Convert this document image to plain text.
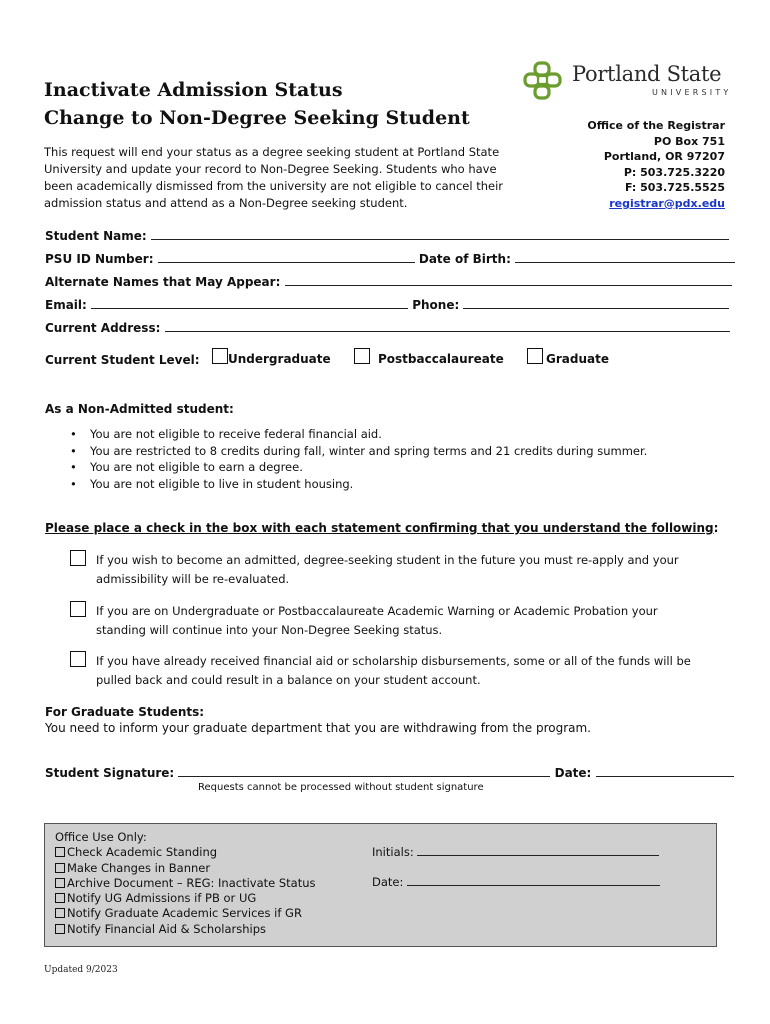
Inactivate Admission Status
Change to Non-Degree Seeking Student
This request will end your status as a degree seeking student at Portland State University and update your record to Non-Degree Seeking. Students who have been academically dismissed from the university are not eligible to cancel their admission status and attend as a Non-Degree seeking student.
Portland State
UNIVERSITY
Office of the Registrar
PO Box 751
Portland, OR 97207
P: 503.725.3220
F: 503.725.5525
registrar@pdx.edu
Student Name:
PSU ID Number:	Date of Birth:
Alternate Names that May Appear:
Email:	Phone:
Current Address:
Current Student Level:	Undergraduate	Postbaccalaureate	Graduate
As a Non-Admitted student:
• You are not eligible to receive federal financial aid.
• You are restricted to 8 credits during fall, winter and spring terms and 21 credits during summer.
• You are not eligible to earn a degree.
• You are not eligible to live in student housing.
Please place a check in the box with each statement confirming that you understand the following:
If you wish to become an admitted, degree-seeking student in the future you must re-apply and your
admissibility will be re-evaluated.
If you are on Undergraduate or Postbaccalaureate Academic Warning or Academic Probation your
standing will continue into your Non-Degree Seeking status.
If you have already received financial aid or scholarship disbursements, some or all of the funds will be
pulled back and could result in a balance on your student account.
For Graduate Students:
You need to inform your graduate department that you are withdrawing from the program.
Student Signature:	Date:
Requests cannot be processed without student signature
Office Use Only:
Check Academic Standing
Make Changes in Banner
Archive Document – REG: Inactivate Status
Notify UG Admissions if PB or UG
Notify Graduate Academic Services if GR
Notify Financial Aid & Scholarships
Initials:
Date:
Updated 9/2023
